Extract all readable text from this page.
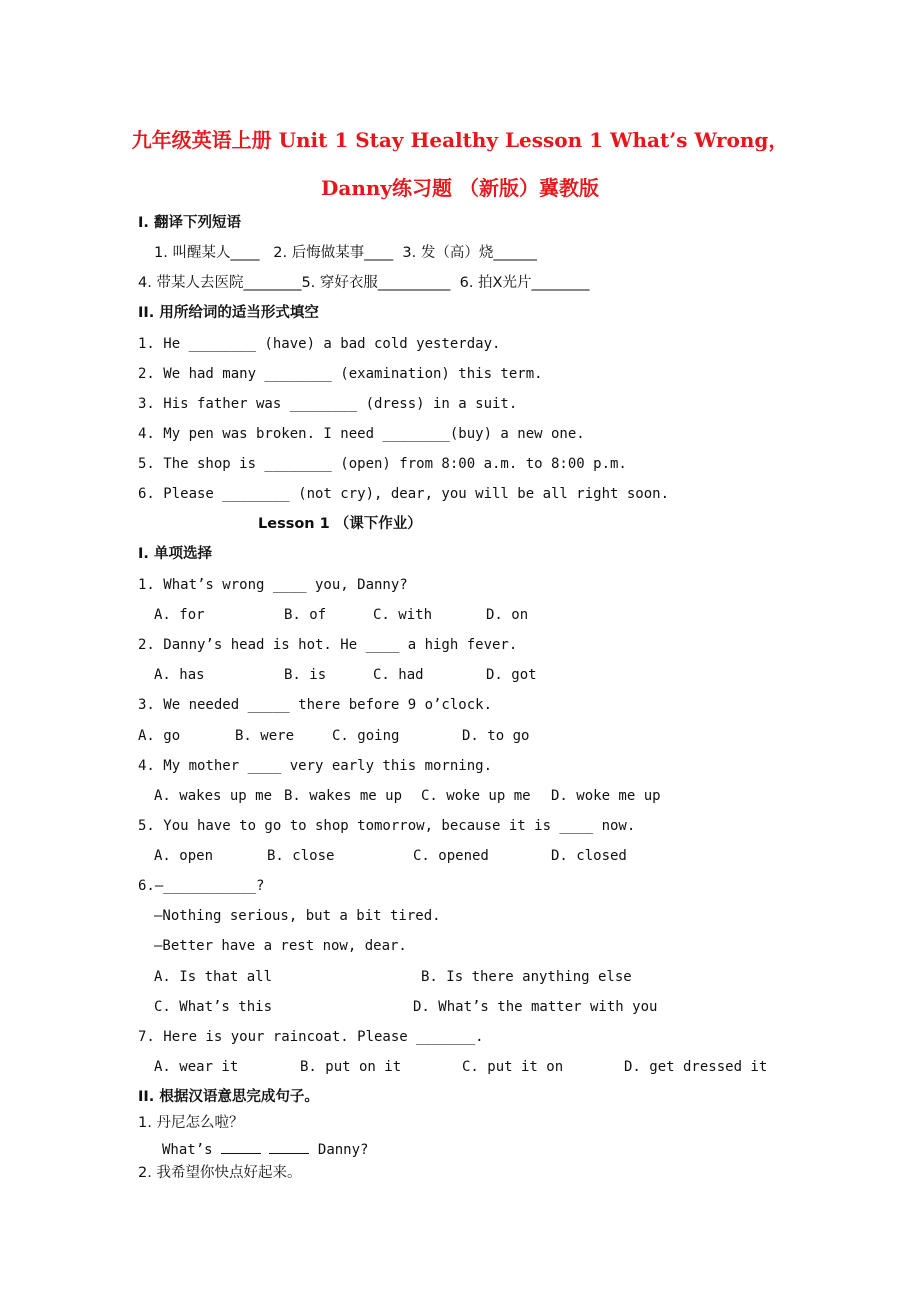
九年级英语上册 Unit 1 Stay Healthy Lesson 1 What’s Wrong，
Danny练习题 （新版）冀教版
I. 翻译下列短语
1. 叫醒某人____   2. 后悔做某事____  3. 发（高）烧______
4. 带某人去医院________5. 穿好衣服__________  6. 拍X光片________
II. 用所给词的适当形式填空
1. He ________ (have) a bad cold yesterday.
2. We had many ________ (examination) this term.
3. His father was ________ (dress) in a suit.
4. My pen was broken. I need ________(buy) a new one.
5. The shop is ________ (open) from 8:00 a.m. to 8:00 p.m.
6. Please ________ (not cry), dear, you will be all right soon.
Lesson 1 （课下作业）
I. 单项选择
1. What’s wrong ____ you, Danny?
A. for	B. of	C. with	D. on
2. Danny’s head is hot. He ____ a high fever.
A. has	B. is	C. had	D. got
3. We needed _____ there before 9 o’clock.
A. go	B. were	C. going	D. to go
4. My mother ____ very early this morning.
A. wakes up me B. wakes me up C. woke up me D. woke me up
5. You have to go to shop tomorrow, because it is ____ now.
A. open	B. close	C. opened	D. closed
6.—___________?
—Nothing serious, but a bit tired.
—Better have a rest now, dear.
A. Is that all	B. Is there anything else
C. What’s this	D. What’s the matter with you
7. Here is your raincoat. Please _______.
A. wear it	B. put on it	C. put it on	D. get dressed it
II. 根据汉语意思完成句子。
1. 丹尼怎么啦？
What’s	Danny?
2. 我希望你快点好起来。
